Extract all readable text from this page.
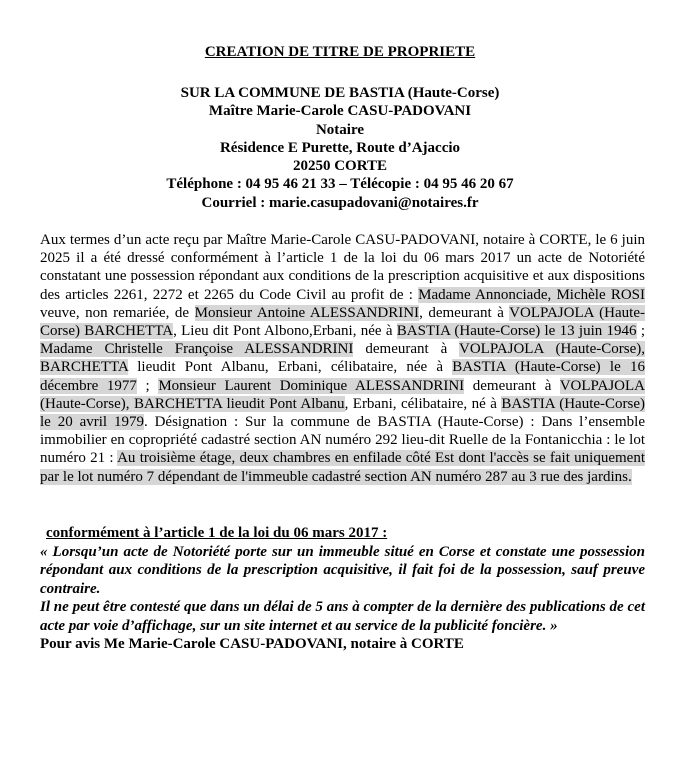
CREATION DE TITRE DE PROPRIETE
SUR LA COMMUNE DE BASTIA (Haute-Corse)
Maître Marie-Carole CASU-PADOVANI
Notaire
Résidence E Purette, Route d’Ajaccio
20250 CORTE
Téléphone : 04 95 46 21 33 – Télécopie : 04 95 46 20 67
Courriel : marie.casupadovani@notaires.fr
Aux termes d’un acte reçu par Maître Marie-Carole CASU-PADOVANI, notaire à CORTE, le 6 juin 2025 il a été dressé conformément à l’article 1 de la loi du 06 mars 2017 un acte de Notoriété constatant une possession répondant aux conditions de la prescription acquisitive et aux dispositions des articles 2261, 2272 et 2265 du Code Civil au profit de : Madame Annonciade, Michèle ROSI veuve, non remariée, de Monsieur Antoine ALESSANDRINI, demeurant à VOLPAJOLA (Haute-Corse) BARCHETTA, Lieu dit Pont Albono,Erbani, née à BASTIA (Haute-Corse) le 13 juin 1946 ; Madame Christelle Françoise ALESSANDRINI demeurant à VOLPAJOLA (Haute-Corse), BARCHETTA lieudit Pont Albanu, Erbani, célibataire, née à BASTIA (Haute-Corse) le 16 décembre 1977 ; Monsieur Laurent Dominique ALESSANDRINI demeurant à VOLPAJOLA (Haute-Corse), BARCHETTA lieudit Pont Albanu, Erbani, célibataire, né à BASTIA (Haute-Corse) le 20 avril 1979. Désignation : Sur la commune de BASTIA (Haute-Corse) : Dans l’ensemble immobilier en copropriété cadastré section AN numéro 292 lieu-dit Ruelle de la Fontanicchia : le lot numéro 21 : Au troisième étage, deux chambres en enfilade côté Est dont l'accès se fait uniquement par le lot numéro 7 dépendant de l'immeuble cadastré section AN numéro 287 au 3 rue des jardins.
conformément à l’article 1 de la loi du 06 mars 2017 :

« Lorsqu’un acte de Notoriété porte sur un immeuble situé en Corse et constate une possession répondant aux conditions de la prescription acquisitive, il fait foi de la possession, sauf preuve contraire.

Il ne peut être contesté que dans un délai de 5 ans à compter de la dernière des publications de cet acte par voie d’affichage, sur un site internet et au service de la publicité foncière. »

Pour avis Me Marie-Carole CASU-PADOVANI, notaire à CORTE
